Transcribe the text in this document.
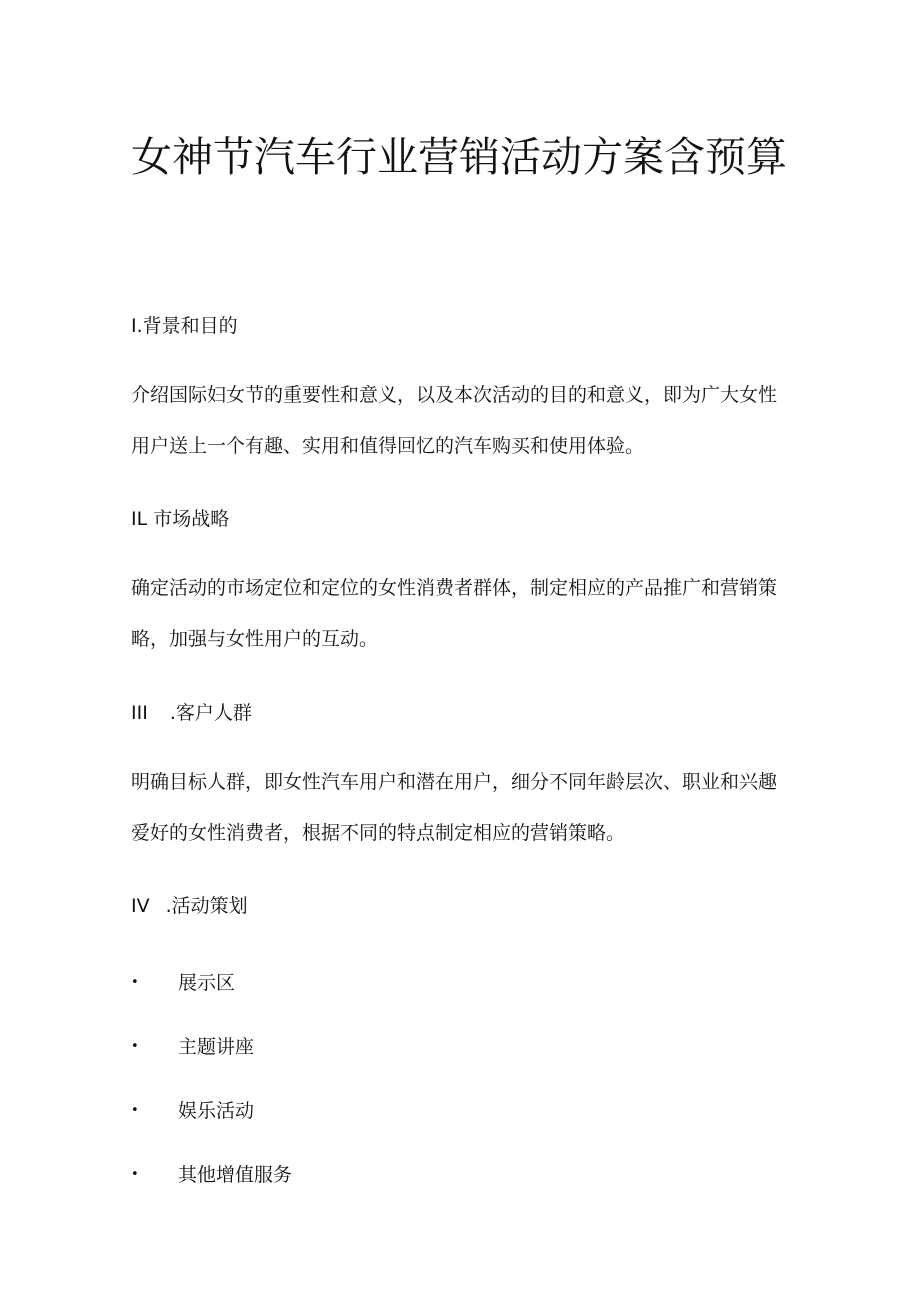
女神节汽车行业营销活动方案含预算
I.背景和目的

介绍国际妇女节的重要性和意义，以及本次活动的目的和意义，即为广大女性用户送上一个有趣、实用和值得回忆的汽车购买和使用体验。

IL 市场战略

确定活动的市场定位和定位的女性消费者群体，制定相应的产品推广和营销策略，加强与女性用户的互动。

III .客户人群

明确目标人群，即女性汽车用户和潜在用户，细分不同年龄层次、职业和兴趣爱好的女性消费者，根据不同的特点制定相应的营销策略。

IV .活动策划
• 展示区
• 主题讲座
• 娱乐活动
• 其他增值服务
